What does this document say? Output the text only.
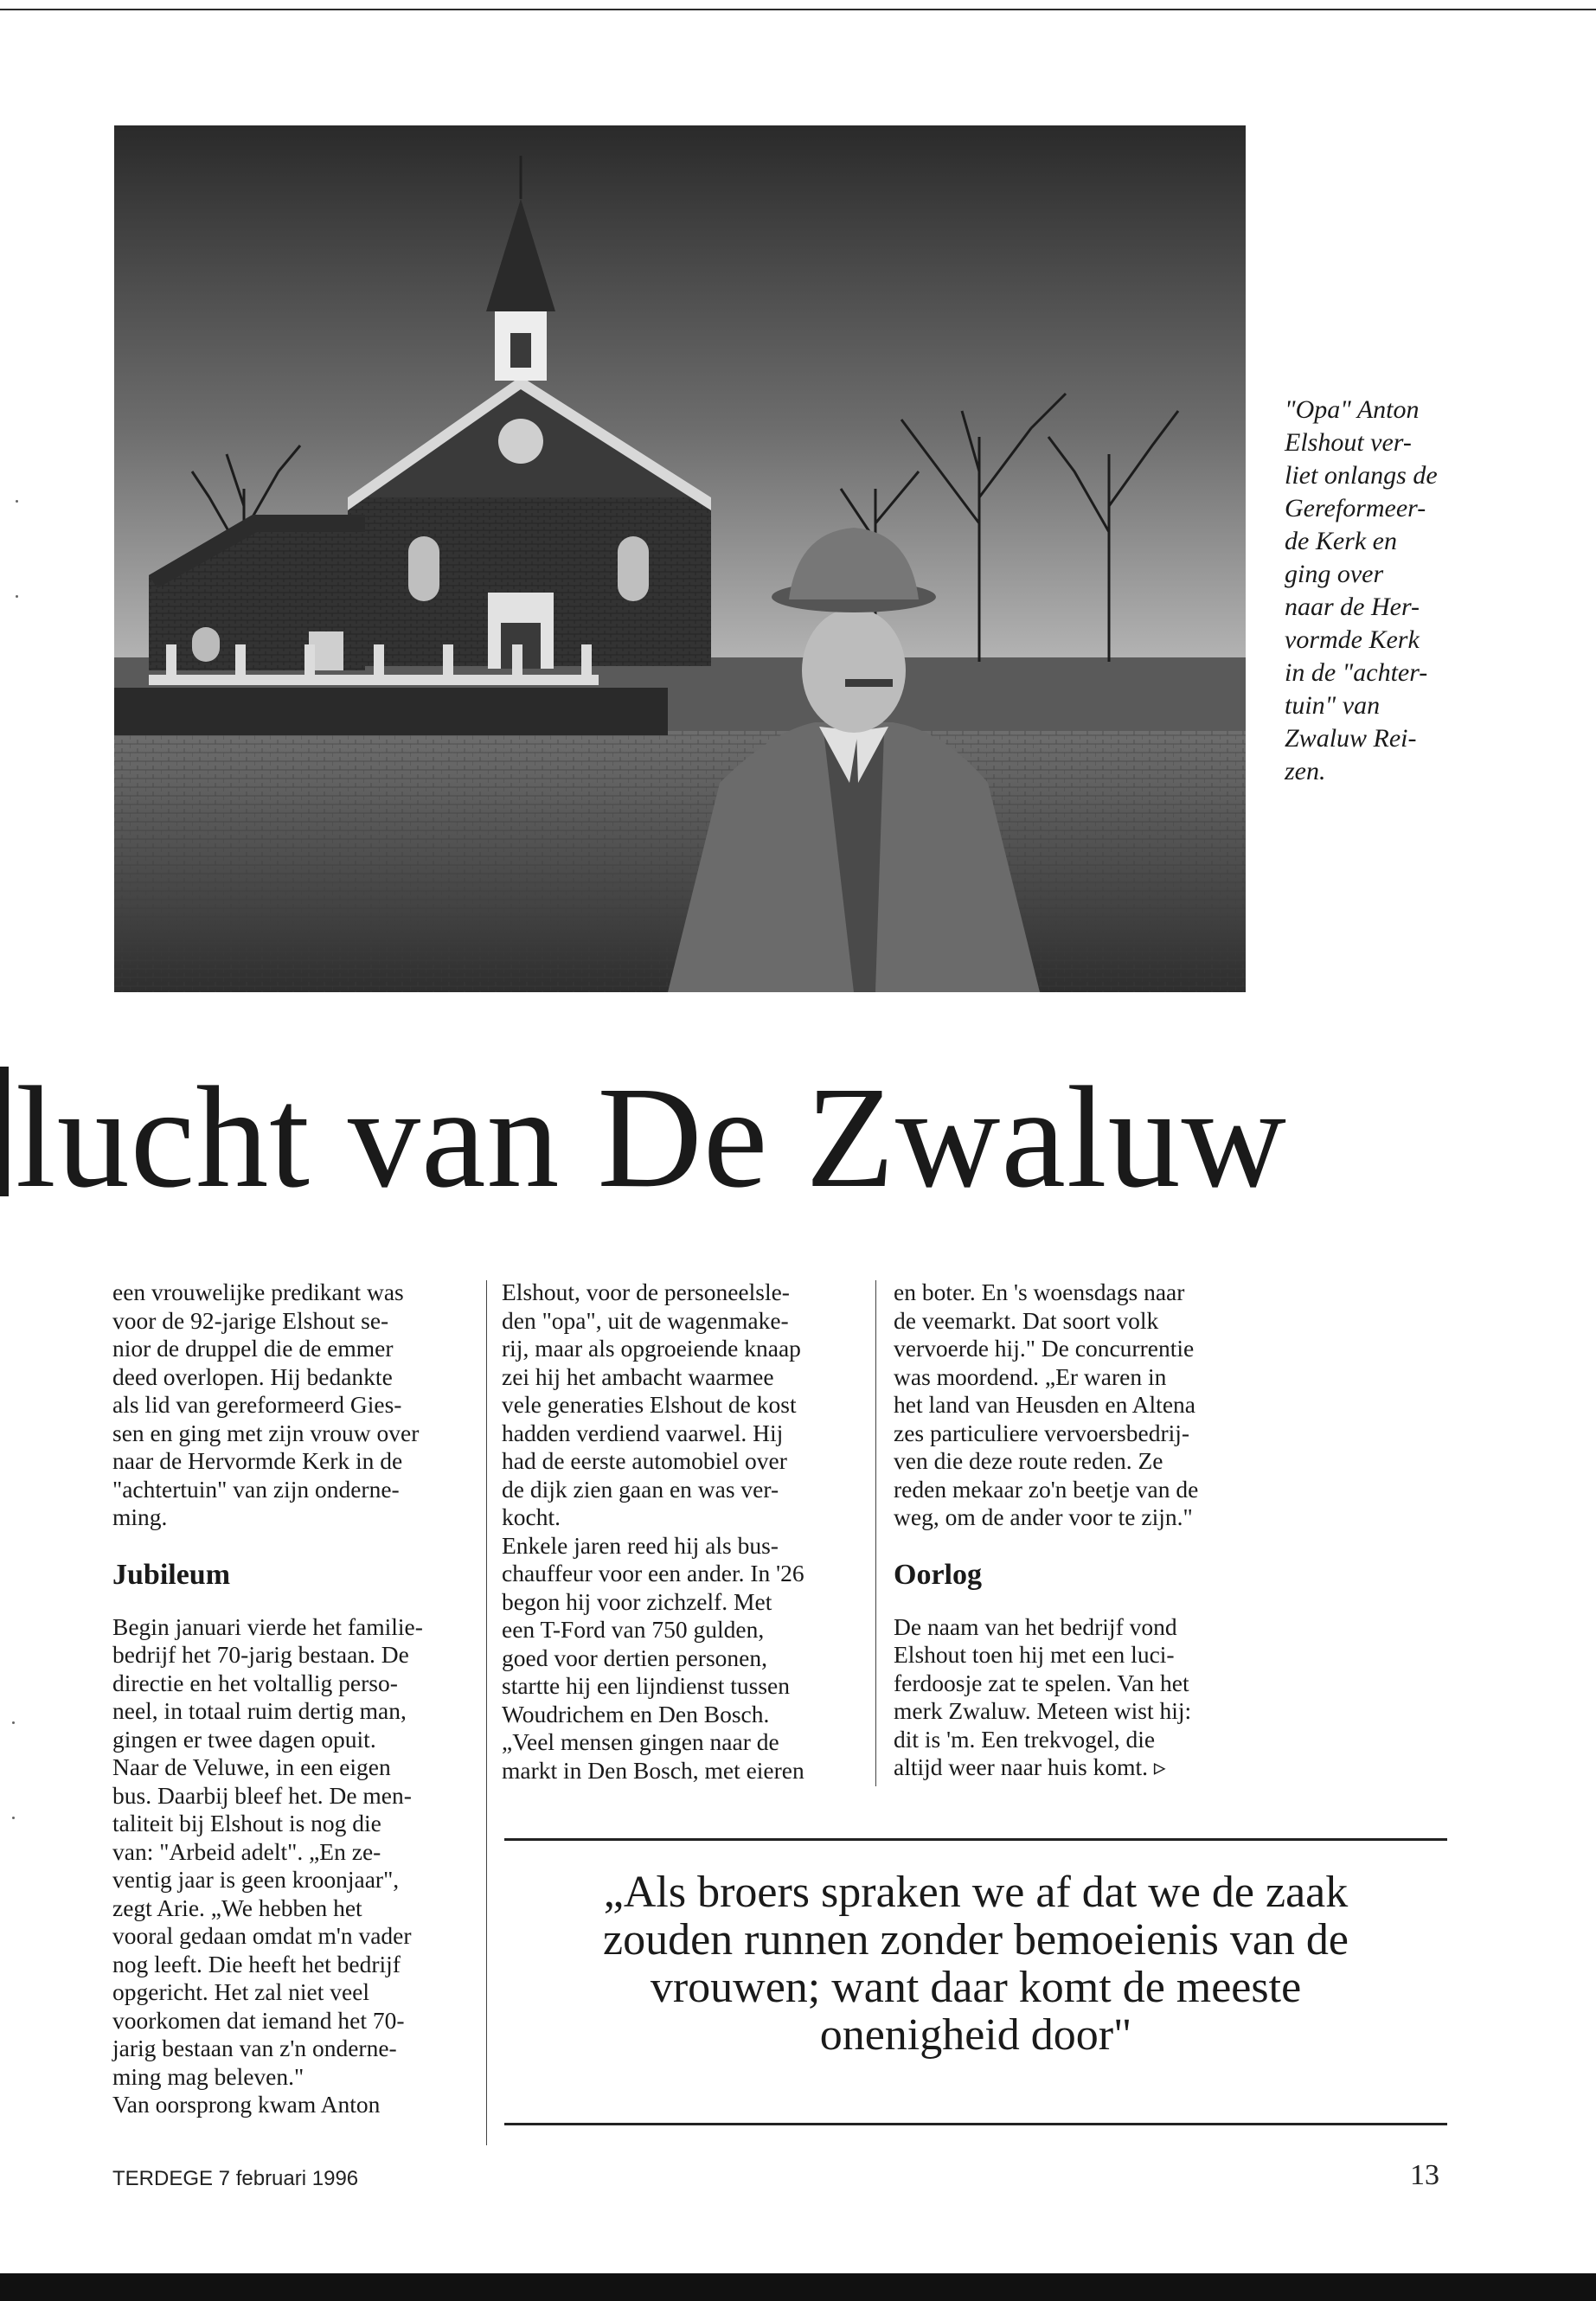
"Opa" Anton
Elshout ver-
liet onlangs de
Gereformeer-
de Kerk en
ging over
naar de Her-
vormde Kerk
in de "achter-
tuin" van
Zwaluw Rei-
zen.
lucht van De Zwaluw
een vrouwelijke predikant was
voor de 92-jarige Elshout se-
nior de druppel die de emmer
deed overlopen. Hij bedankte
als lid van gereformeerd Gies-
sen en ging met zijn vrouw over
naar de Hervormde Kerk in de
"achtertuin" van zijn onderne-
ming.
Jubileum
Begin januari vierde het familie-
bedrijf het 70-jarig bestaan. De
directie en het voltallig perso-
neel, in totaal ruim dertig man,
gingen er twee dagen opuit.
Naar de Veluwe, in een eigen
bus. Daarbij bleef het. De men-
taliteit bij Elshout is nog die
van: "Arbeid adelt". „En ze-
ventig jaar is geen kroonjaar",
zegt Arie. „We hebben het
vooral gedaan omdat m'n vader
nog leeft. Die heeft het bedrijf
opgericht. Het zal niet veel
voorkomen dat iemand het 70-
jarig bestaan van z'n onderne-
ming mag beleven."
Van oorsprong kwam Anton
Elshout, voor de personeelsle-
den "opa", uit de wagenmake-
rij, maar als opgroeiende knaap
zei hij het ambacht waarmee
vele generaties Elshout de kost
hadden verdiend vaarwel. Hij
had de eerste automobiel over
de dijk zien gaan en was ver-
kocht.
Enkele jaren reed hij als bus-
chauffeur voor een ander. In '26
begon hij voor zichzelf. Met
een T-Ford van 750 gulden,
goed voor dertien personen,
startte hij een lijndienst tussen
Woudrichem en Den Bosch.
„Veel mensen gingen naar de
markt in Den Bosch, met eieren
en boter. En 's woensdags naar
de veemarkt. Dat soort volk
vervoerde hij." De concurrentie
was moordend. „Er waren in
het land van Heusden en Altena
zes particuliere vervoersbedrij-
ven die deze route reden. Ze
reden mekaar zo'n beetje van de
weg, om de ander voor te zijn."
Oorlog
De naam van het bedrijf vond
Elshout toen hij met een luci-
ferdoosje zat te spelen. Van het
merk Zwaluw. Meteen wist hij:
dit is 'm. Een trekvogel, die
altijd weer naar huis komt. ▹
„Als broers spraken we af dat we de zaak
zouden runnen zonder bemoeienis van de
vrouwen; want daar komt de meeste
onenigheid door"
TERDEGE 7 februari 1996	13
